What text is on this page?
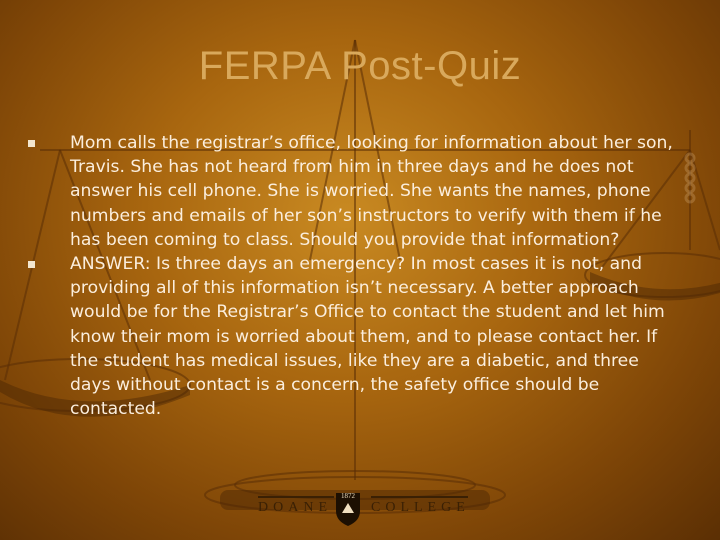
FERPA Post-Quiz
Mom calls the registrar’s office, looking for information about her son, Travis. She has not heard from him in three days and he does not answer his cell phone. She is worried. She wants the names, phone numbers and emails of her son’s instructors to verify with them if he has been coming to class. Should you provide that information?
ANSWER: Is three days an emergency? In most cases it is not, and providing all of this information isn’t necessary. A better approach would be for the Registrar’s Office to contact the student and let him know their mom is worried about them, and to please contact her. If the student has medical issues, like they are a diabetic, and three days without contact is a concern, the safety office should be contacted.
DOANE
1872
COLLEGE
